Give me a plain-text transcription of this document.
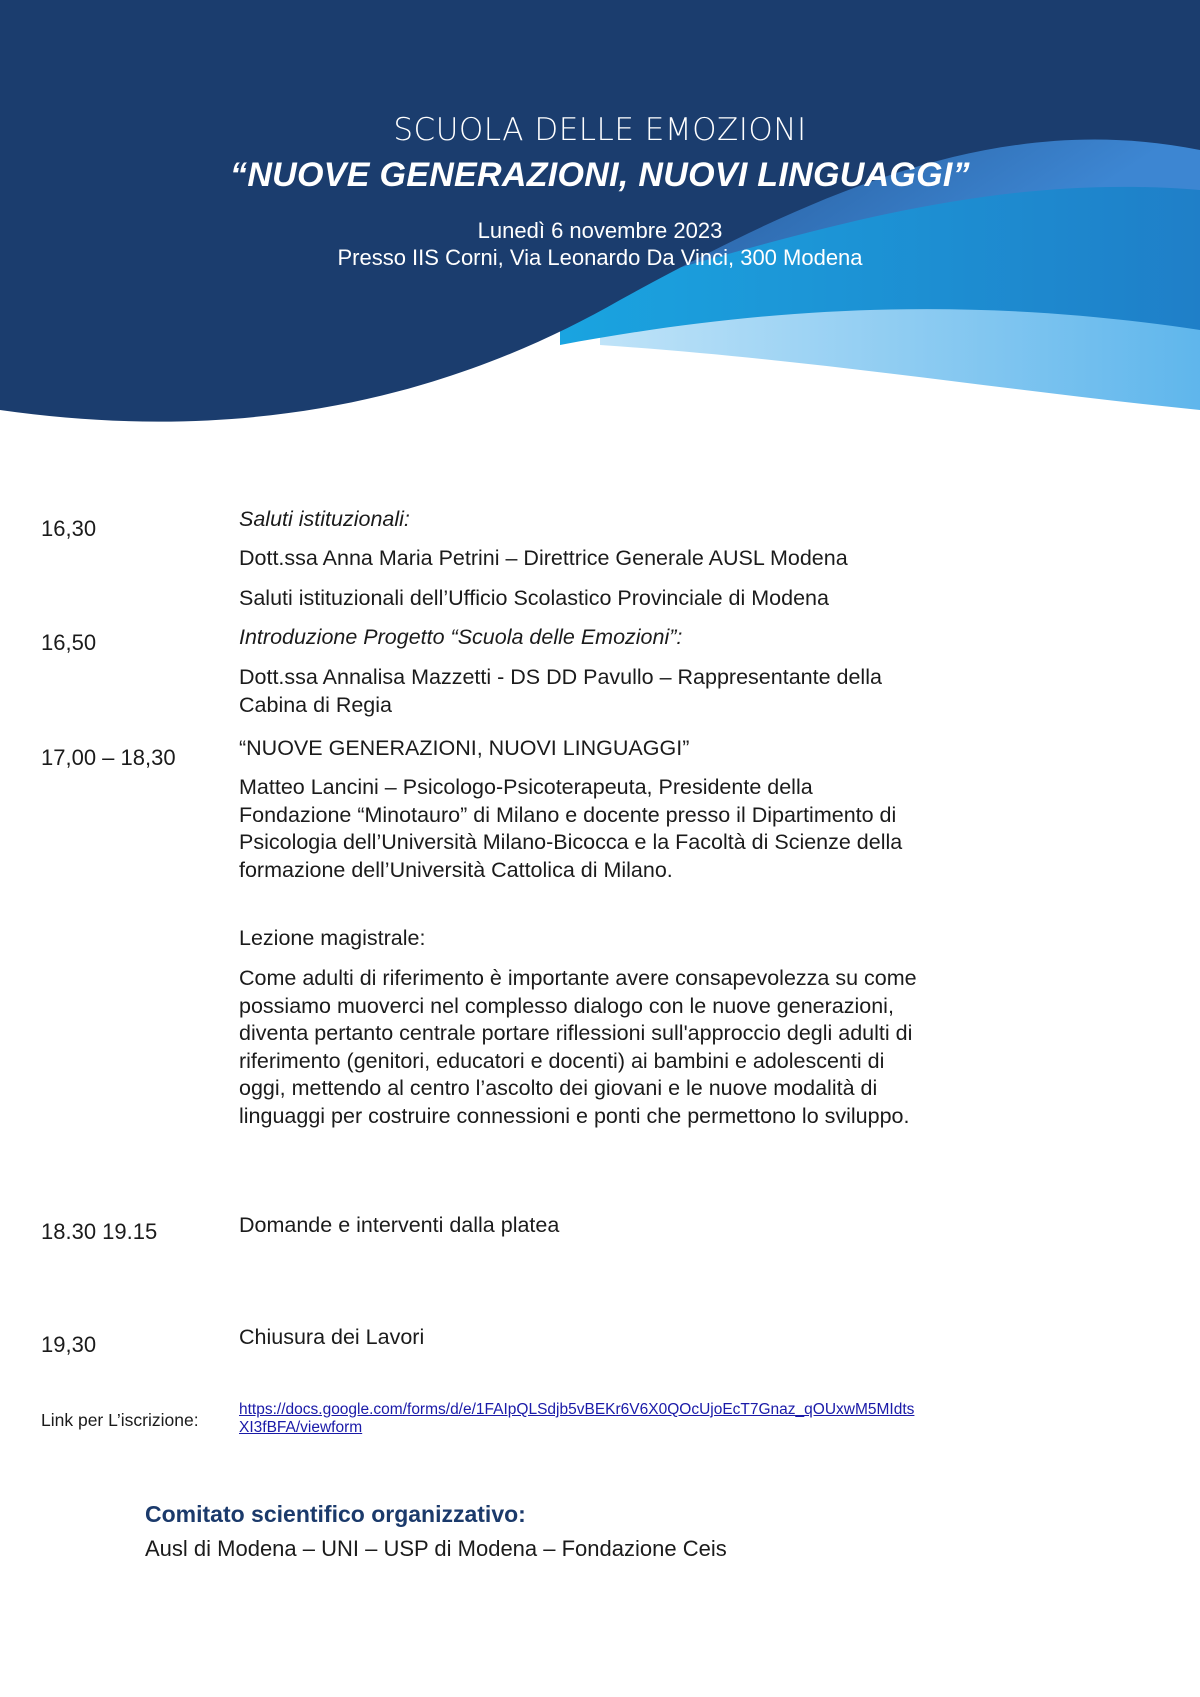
SCUOLA DELLE EMOZIONI
“NUOVE GENERAZIONI, NUOVI LINGUAGGI”
Lunedì 6 novembre 2023
Presso IIS Corni, Via Leonardo Da Vinci, 300 Modena
16,30	Saluti istituzionali:

Dott.ssa Anna Maria Petrini – Direttrice Generale AUSL Modena

Saluti istituzionali dell’Ufficio Scolastico Provinciale di Modena

16,50	Introduzione Progetto “Scuola delle Emozioni”:

Dott.ssa Annalisa Mazzetti - DS DD Pavullo – Rappresentante della Cabina di Regia

17,00 – 18,30	“NUOVE GENERAZIONI, NUOVI LINGUAGGI”

Matteo Lancini – Psicologo-Psicoterapeuta, Presidente della Fondazione “Minotauro” di Milano e docente presso il Dipartimento di Psicologia dell’Università Milano-Bicocca e la Facoltà di Scienze della formazione dell’Università Cattolica di Milano.

Lezione magistrale:

Come adulti di riferimento è importante avere consapevolezza su come possiamo muoverci nel complesso dialogo con le nuove generazioni, diventa pertanto centrale portare riflessioni sull'approccio degli adulti di riferimento (genitori, educatori e docenti) ai bambini e adolescenti di oggi, mettendo al centro l’ascolto dei giovani e le nuove modalità di linguaggi per costruire connessioni e ponti che permettono lo sviluppo.

18.30 19.15	Domande e interventi dalla platea

19,30	Chiusura dei Lavori

Link per L’iscrizione:
https://docs.google.com/forms/d/e/1FAIpQLSdjb5vBEKr6V6X0QOcUjoEcT7Gnaz_qOUxwM5MIdtsXI3fBFA/viewform
Comitato scientifico organizzativo:

Ausl di Modena – UNI – USP di Modena – Fondazione Ceis
